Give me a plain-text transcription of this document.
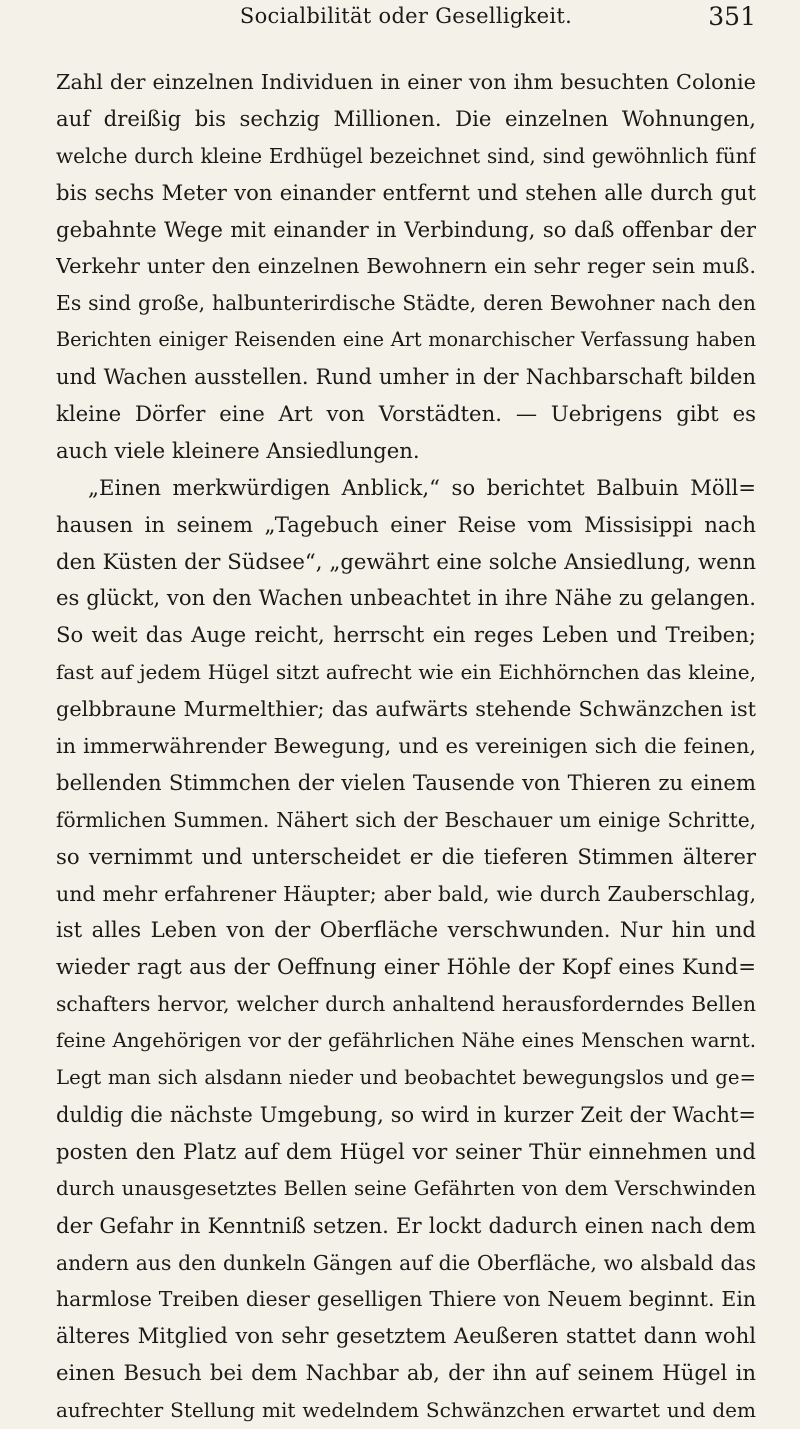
Socialbilität oder Geselligkeit.	351
Zahl der einzelnen Individuen in einer von ihm besuchten Colonie
auf dreißig bis sechzig Millionen. Die einzelnen Wohnungen,
welche durch kleine Erdhügel bezeichnet sind, sind gewöhnlich fünf
bis sechs Meter von einander entfernt und stehen alle durch gut
gebahnte Wege mit einander in Verbindung, so daß offenbar der
Verkehr unter den einzelnen Bewohnern ein sehr reger sein muß.
Es sind große, halbunterirdische Städte, deren Bewohner nach den
Berichten einiger Reisenden eine Art monarchischer Verfassung haben
und Wachen ausstellen. Rund umher in der Nachbarschaft bilden
kleine Dörfer eine Art von Vorstädten. — Uebrigens gibt es
auch viele kleinere Ansiedlungen.
„Einen merkwürdigen Anblick,“ so berichtet Balbuin Möll=
hausen in seinem „Tagebuch einer Reise vom Missisippi nach
den Küsten der Südsee“, „gewährt eine solche Ansiedlung, wenn
es glückt, von den Wachen unbeachtet in ihre Nähe zu gelangen.
So weit das Auge reicht, herrscht ein reges Leben und Treiben;
fast auf jedem Hügel sitzt aufrecht wie ein Eichhörnchen das kleine,
gelbbraune Murmelthier; das aufwärts stehende Schwänzchen ist
in immerwährender Bewegung, und es vereinigen sich die feinen,
bellenden Stimmchen der vielen Tausende von Thieren zu einem
förmlichen Summen. Nähert sich der Beschauer um einige Schritte,
so vernimmt und unterscheidet er die tieferen Stimmen älterer
und mehr erfahrener Häupter; aber bald, wie durch Zauberschlag,
ist alles Leben von der Oberfläche verschwunden. Nur hin und
wieder ragt aus der Oeffnung einer Höhle der Kopf eines Kund=
schafters hervor, welcher durch anhaltend herausforderndes Bellen
feine Angehörigen vor der gefährlichen Nähe eines Menschen warnt.
Legt man sich alsdann nieder und beobachtet bewegungslos und ge=
duldig die nächste Umgebung, so wird in kurzer Zeit der Wacht=
posten den Platz auf dem Hügel vor seiner Thür einnehmen und
durch unausgesetztes Bellen seine Gefährten von dem Verschwinden
der Gefahr in Kenntniß setzen. Er lockt dadurch einen nach dem
andern aus den dunkeln Gängen auf die Oberfläche, wo alsbald das
harmlose Treiben dieser geselligen Thiere von Neuem beginnt. Ein
älteres Mitglied von sehr gesetztem Aeußeren stattet dann wohl
einen Besuch bei dem Nachbar ab, der ihn auf seinem Hügel in
aufrechter Stellung mit wedelndem Schwänzchen erwartet und dem
